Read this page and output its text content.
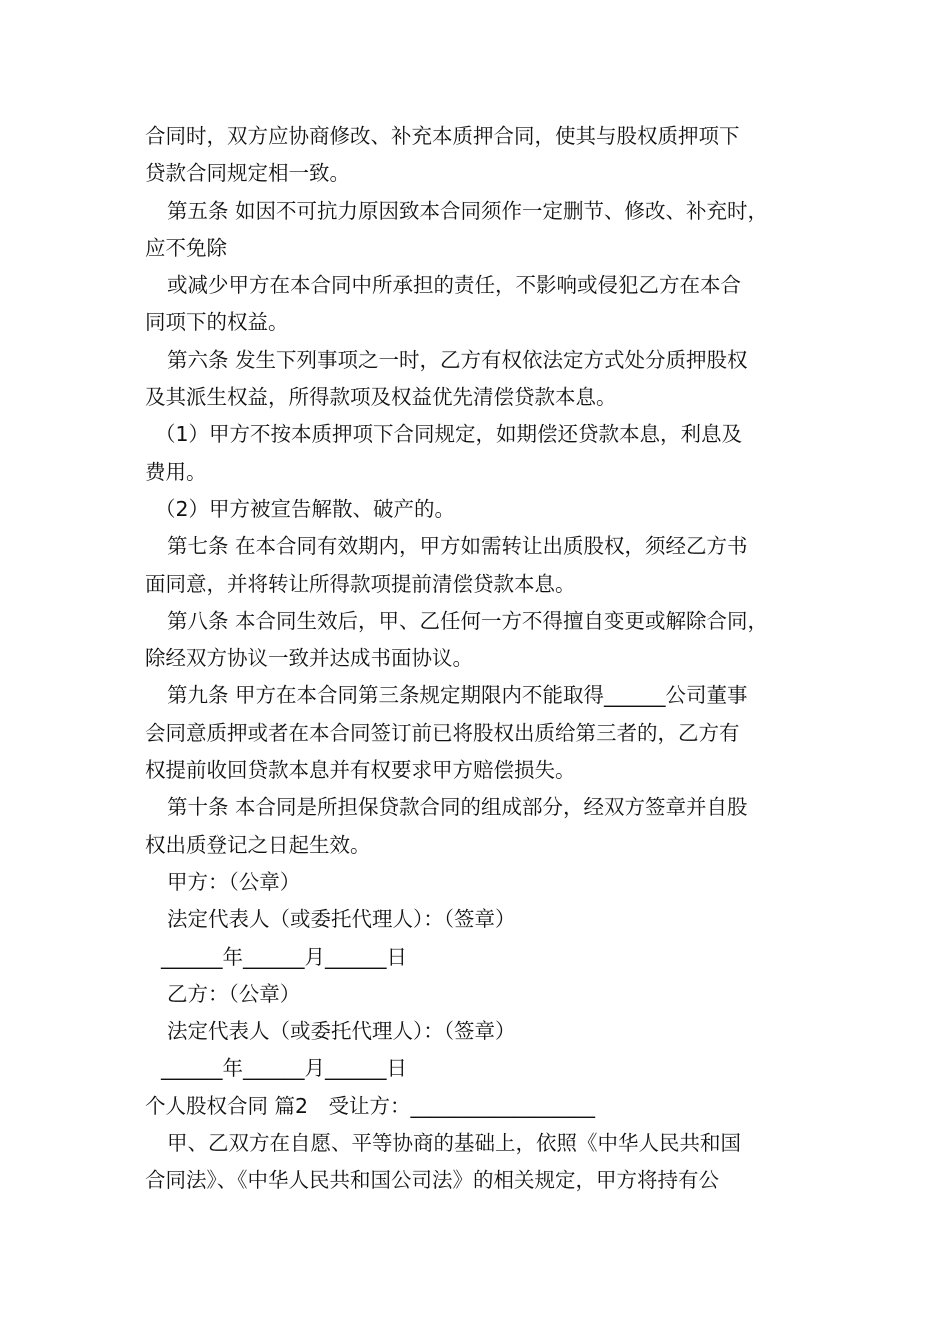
合同时，双方应协商修改、补充本质押合同，使其与股权质押项下

贷款合同规定相一致。

第五条 如因不可抗力原因致本合同须作一定删节、修改、补充时，

应不免除

或减少甲方在本合同中所承担的责任，不影响或侵犯乙方在本合

同项下的权益。

第六条 发生下列事项之一时，乙方有权依法定方式处分质押股权

及其派生权益，所得款项及权益优先清偿贷款本息。

（1）甲方不按本质押项下合同规定，如期偿还贷款本息，利息及

费用。

（2）甲方被宣告解散、破产的。

第七条 在本合同有效期内，甲方如需转让出质股权，须经乙方书

面同意，并将转让所得款项提前清偿贷款本息。

第八条 本合同生效后，甲、乙任何一方不得擅自变更或解除合同，

除经双方协议一致并达成书面协议。

第九条 甲方在本合同第三条规定期限内不能取得______公司董事

会同意质押或者在本合同签订前已将股权出质给第三者的，乙方有

权提前收回贷款本息并有权要求甲方赔偿损失。

第十条 本合同是所担保贷款合同的组成部分，经双方签章并自股

权出质登记之日起生效。

甲方：（公章）

法定代表人（或委托代理人）：（签章）

______年______月______日

乙方：（公章）

法定代表人（或委托代理人）：（签章）

______年______月______日

个人股权合同 篇2　受让方：__________________

甲、乙双方在自愿、平等协商的基础上，依照《中华人民共和国

合同法》、《中华人民共和国公司法》的相关规定，甲方将持有公
